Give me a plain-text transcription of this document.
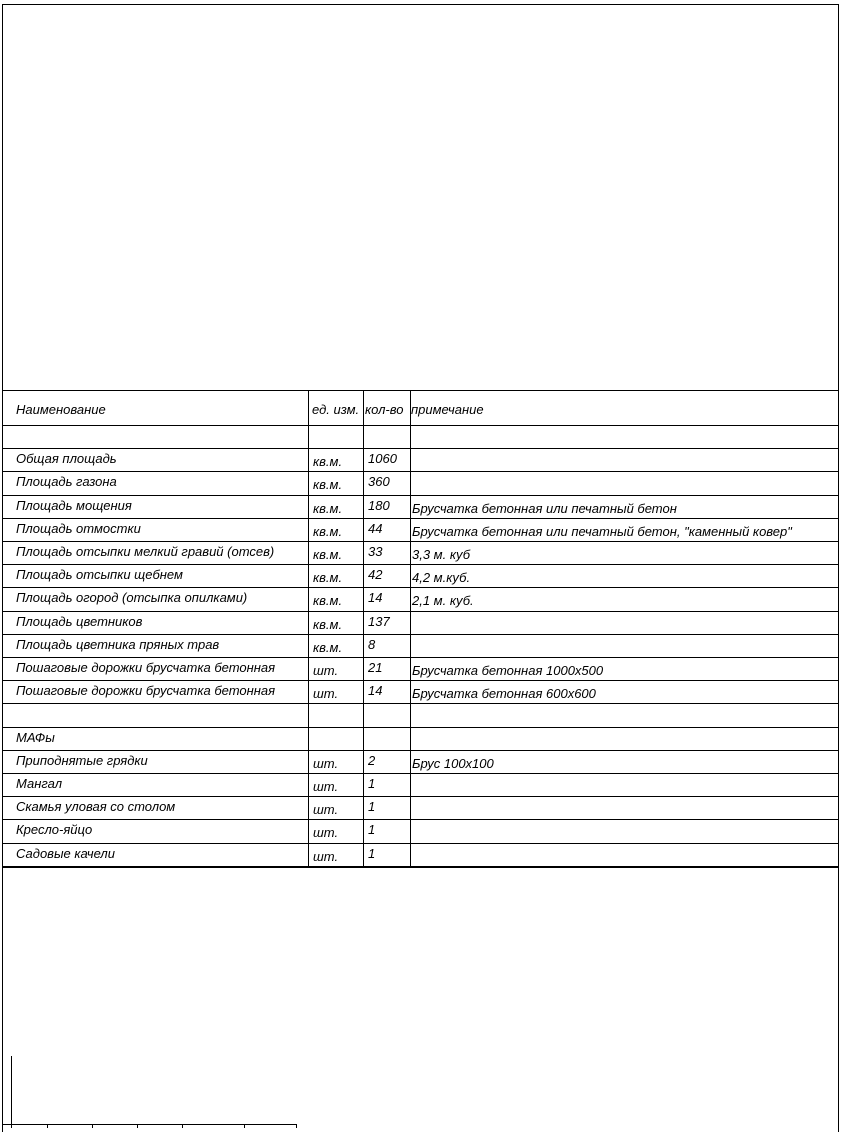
Наименование	ед. изм. кол-во примечание
Общая площадь	кв.м. 1060
Площадь газона	кв.м. 360
Площадь мощения	кв.м. 180 Брусчатка бетонная или печатный бетон
Площадь отмостки	кв.м. 44 Брусчатка бетонная или печатный бетон, "каменный ковер"
Площадь отсыпки мелкий гравий (отсев)	кв.м. 33 3,3 м. куб
Площадь отсыпки щебнем	кв.м. 42 4,2 м.куб.
Площадь огород (отсыпка опилками)	кв.м. 14 2,1 м. куб.
Площадь цветников	кв.м. 137
Площадь цветника пряных трав	кв.м. 8
Пошаговые дорожки брусчатка бетонная	шт. 21 Брусчатка бетонная 1000х500
Пошаговые дорожки брусчатка бетонная	шт. 14 Брусчатка бетонная 600х600
МАФы
Приподнятые грядки	шт. 2	Брус 100х100
Мангал	шт. 1
Скамья уловая со столом	шт. 1
Кресло-яйцо	шт. 1
Садовые качели	шт. 1
